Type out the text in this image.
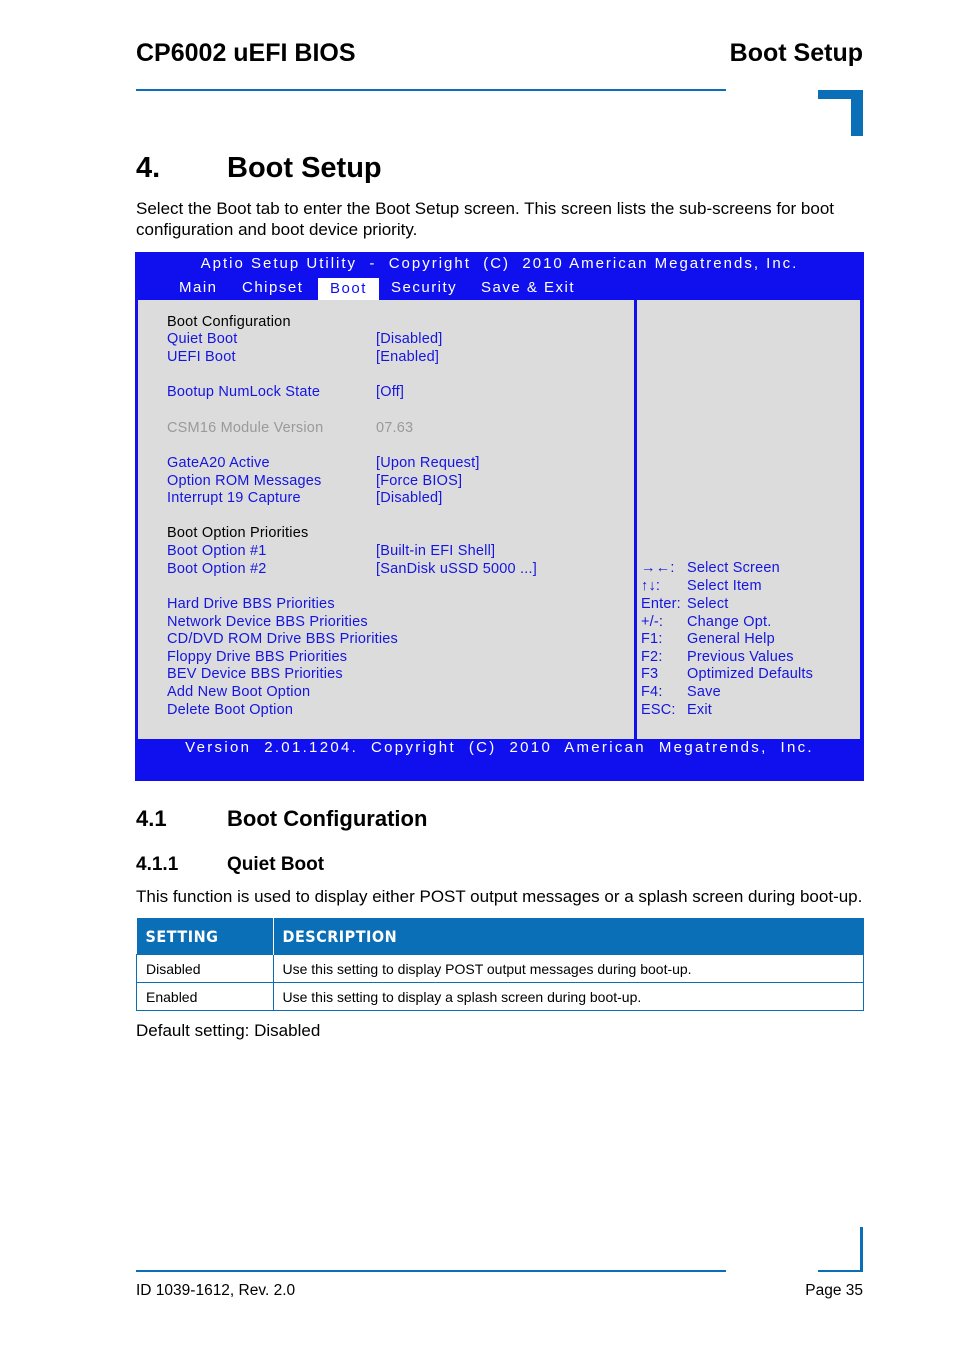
CP6002 uEFI BIOS	Boot Setup
4. Boot Setup
Select the Boot tab to enter the Boot Setup screen. This screen lists the sub-screens for boot configuration and boot device priority.
Aptio Setup Utility  -  Copyright  (C)  2010 American Megatrends, Inc.
Main Chipset	Boot	Security Save & Exit
Boot Configuration
Quiet Boot	[Disabled]
UEFI Boot	[Enabled]
Bootup NumLock State	[Off]
CSM16 Module Version	07.63
GateA20 Active	[Upon Request]
Option ROM Messages	[Force BIOS]
Interrupt 19 Capture	[Disabled]
Boot Option Priorities
Boot Option #1	[Built-in EFI Shell]
Boot Option #2	[SanDisk uSSD 5000 ...]
Hard Drive BBS Priorities
Network Device BBS Priorities
CD/DVD ROM Drive BBS Priorities
Floppy Drive BBS Priorities
BEV Device BBS Priorities
Add New Boot Option
Delete Boot Option
→←: Select Screen
↑↓: Select Item
Enter: Select
+/-: Change Opt.
F1: General Help
F2: Previous Values
F3 Optimized Defaults
F4: Save
ESC: Exit
Version  2.01.1204.  Copyright  (C)  2010  American  Megatrends,  Inc.
4.1	Boot Configuration
4.1.1	Quiet Boot
This function is used to display either POST output messages or a splash screen during boot-up.
SETTING	DESCRIPTION
Disabled	Use this setting to display POST output messages during boot-up.
Enabled	Use this setting to display a splash screen during boot-up.
Default setting: Disabled
ID 1039-1612, Rev. 2.0	Page 35
